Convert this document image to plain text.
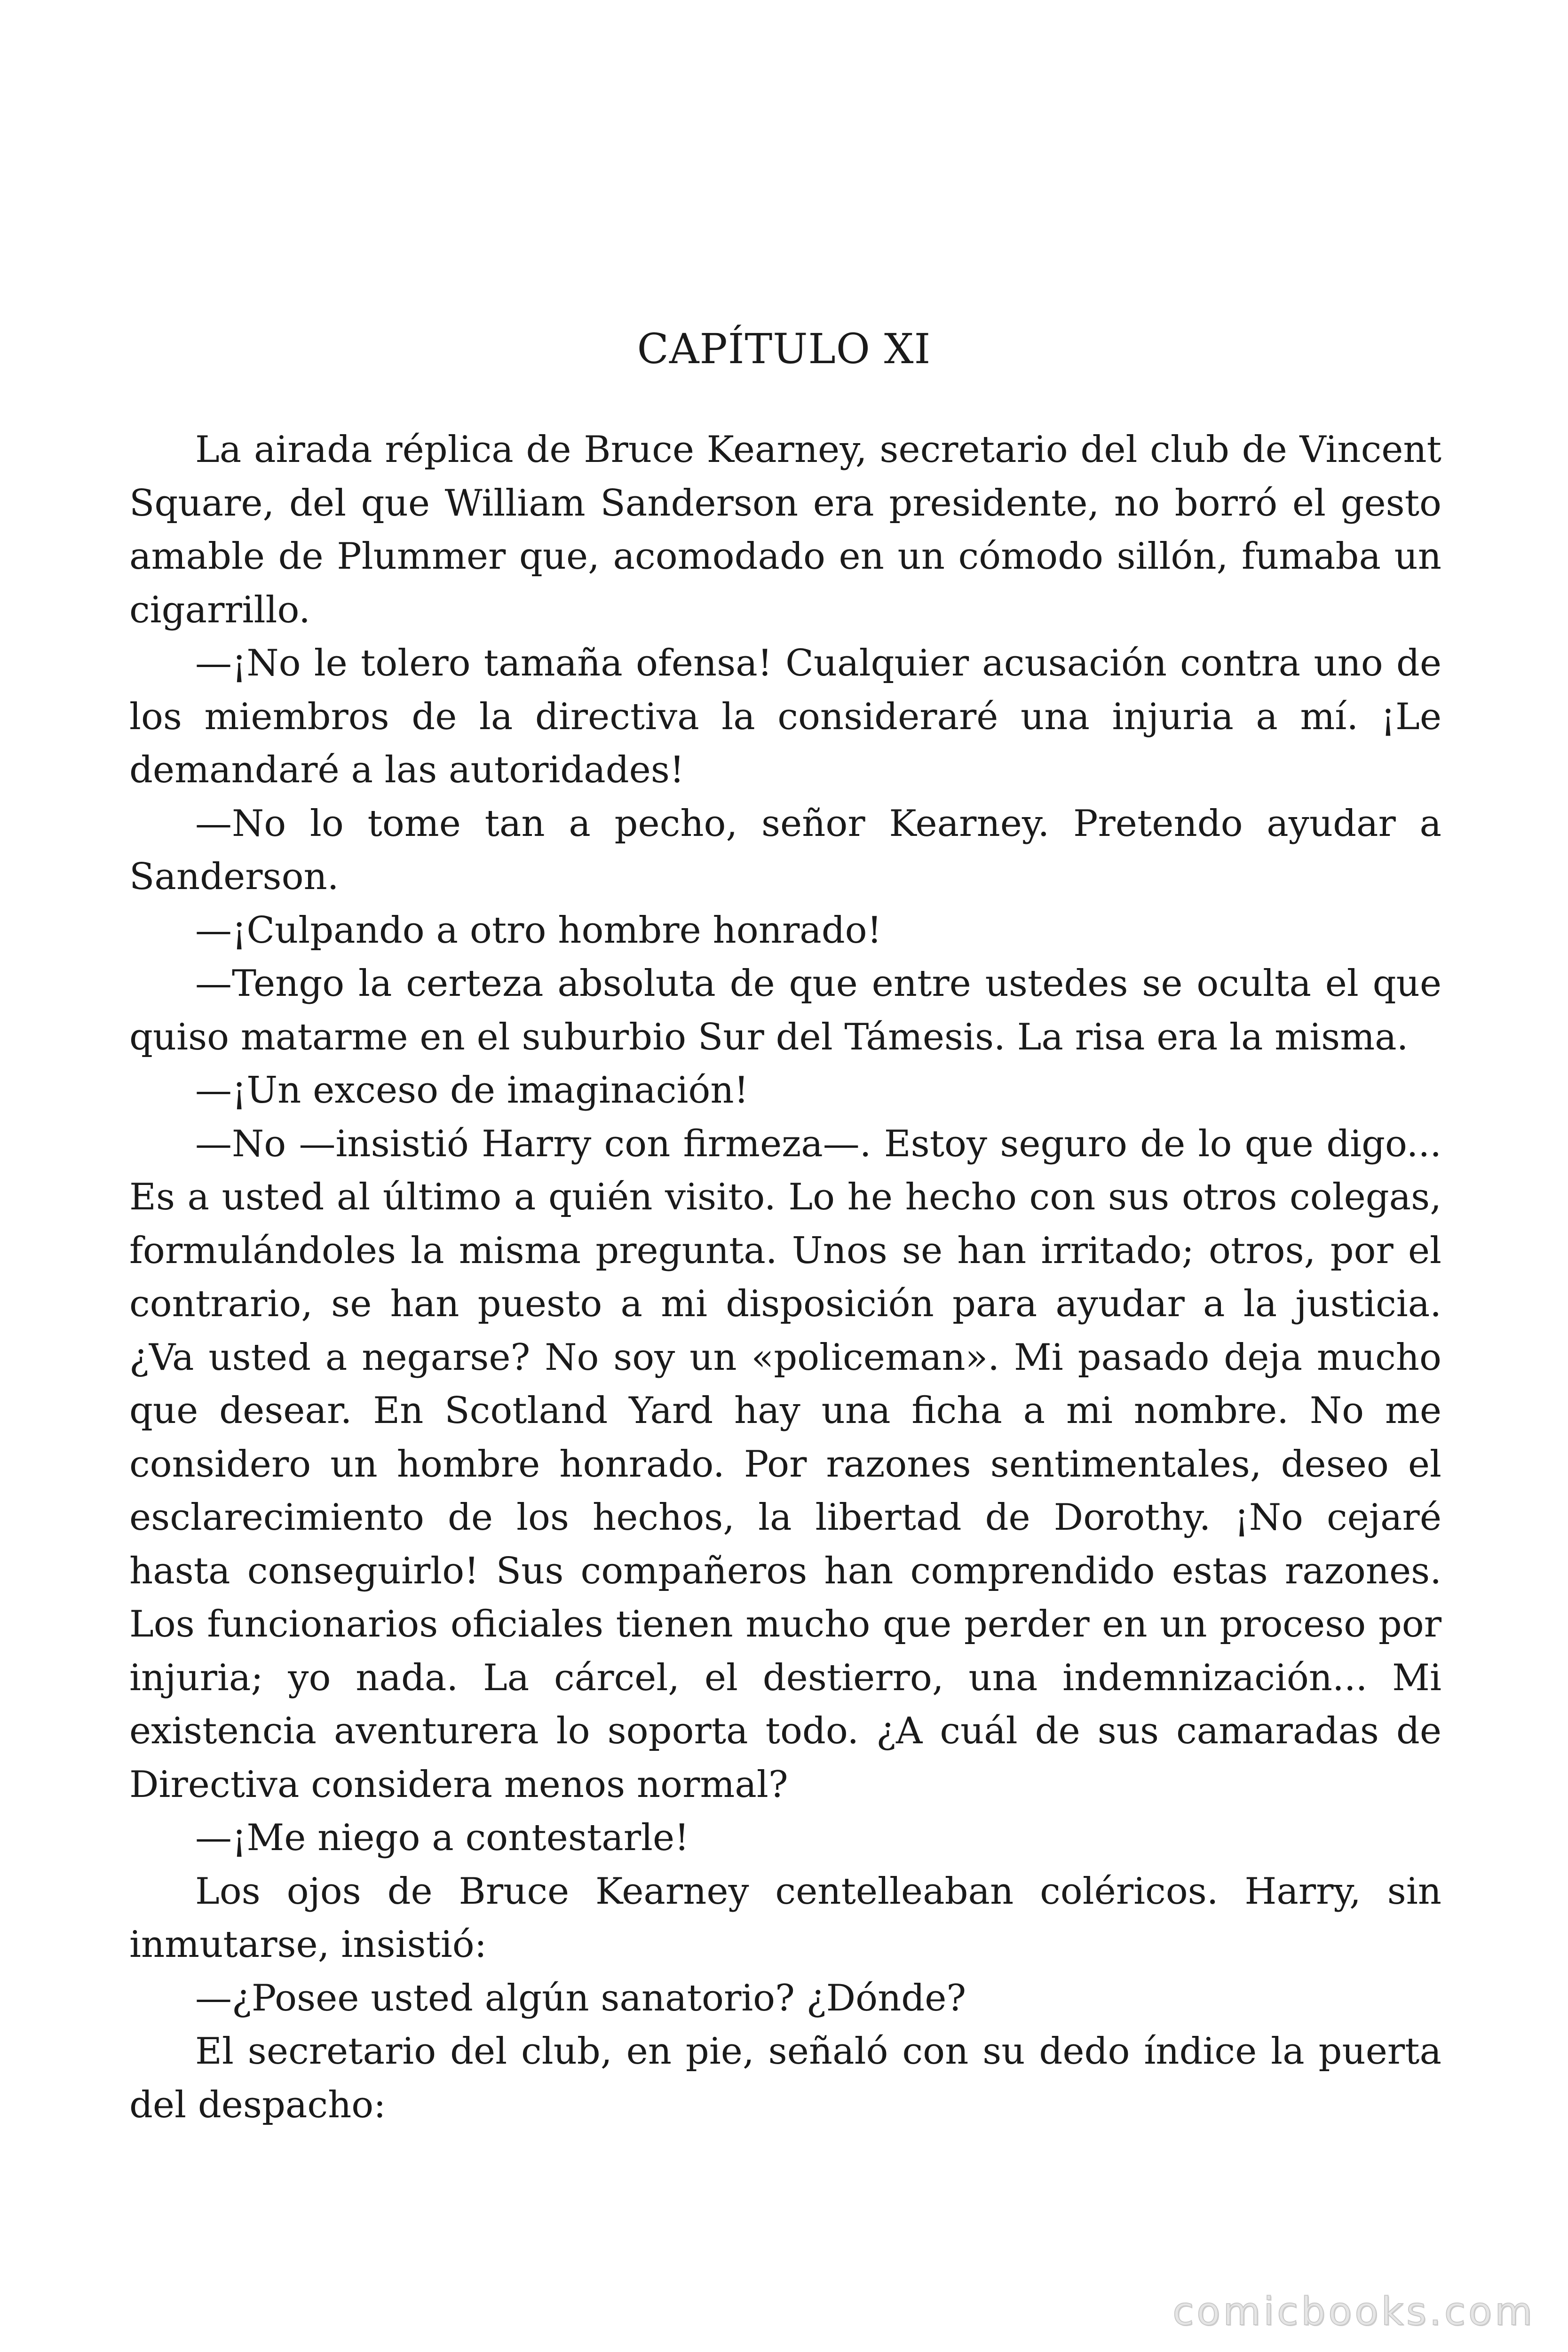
CAPÍTULO XI

La airada réplica de Bruce Kearney, secretario del club de Vincent Square, del que William Sanderson era presidente, no borró el gesto amable de Plummer que, acomodado en un cómodo sillón, fumaba un cigarrillo.

—¡No le tolero tamaña ofensa! Cualquier acusación contra uno de los miembros de la directiva la consideraré una injuria a mí. ¡Le demandaré a las autoridades!

—No lo tome tan a pecho, señor Kearney. Pretendo ayudar a Sanderson.

—¡Culpando a otro hombre honrado!

—Tengo la certeza absoluta de que entre ustedes se oculta el que quiso matarme en el suburbio Sur del Támesis. La risa era la misma.

—¡Un exceso de imaginación!

—No —insistió Harry con firmeza—. Estoy seguro de lo que digo... Es a usted al último a quién visito. Lo he hecho con sus otros colegas, formulándoles la misma pregunta. Unos se han irritado; otros, por el contrario, se han puesto a mi disposición para ayudar a la justicia. ¿Va usted a negarse? No soy un «policeman». Mi pasado deja mucho que desear. En Scotland Yard hay una ficha a mi nombre. No me considero un hombre honrado. Por razones sentimentales, deseo el esclarecimiento de los hechos, la libertad de Dorothy. ¡No cejaré hasta conseguirlo! Sus compañeros han comprendido estas razones. Los funcionarios oficiales tienen mucho que perder en un proceso por injuria; yo nada. La cárcel, el destierro, una indemnización... Mi existencia aventurera lo soporta todo. ¿A cuál de sus camaradas de Directiva considera menos normal?

—¡Me niego a contestarle!

Los ojos de Bruce Kearney centelleaban coléricos. Harry, sin inmutarse, insistió:

—¿Posee usted algún sanatorio? ¿Dónde?

El secretario del club, en pie, señaló con su dedo índice la puerta del despacho:

comicbooks.com
